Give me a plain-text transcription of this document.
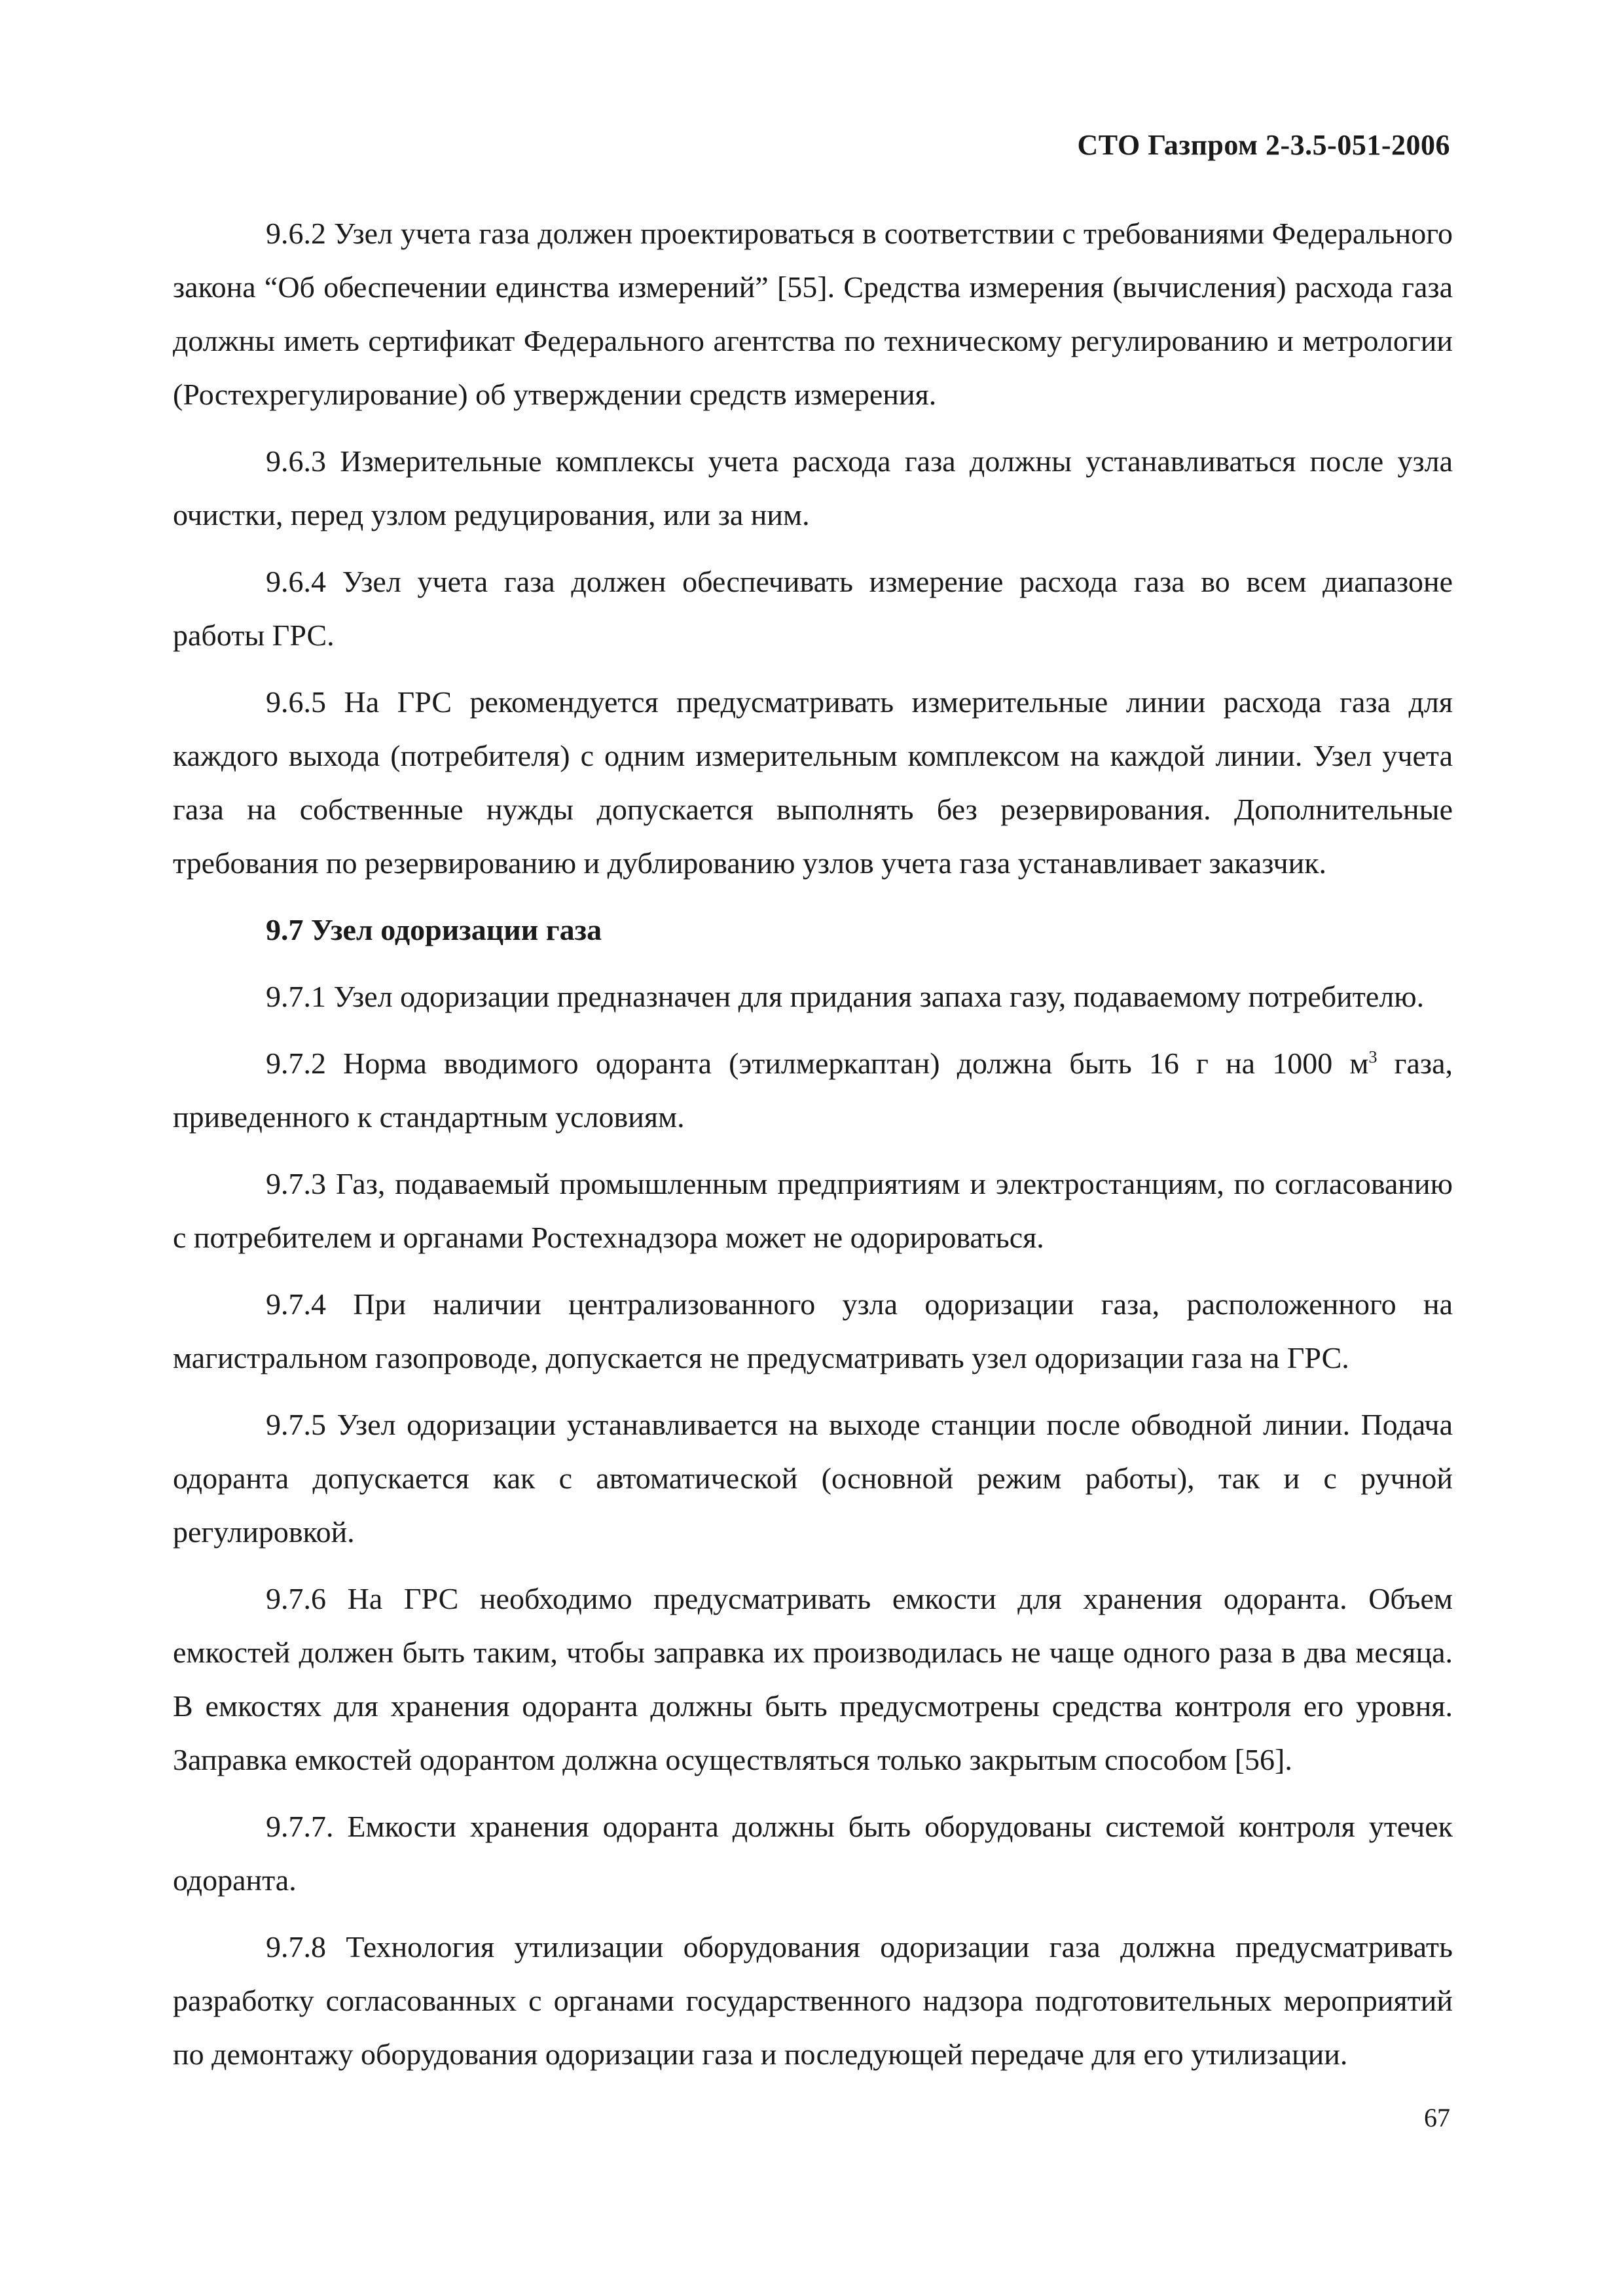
СТО Газпром 2-3.5-051-2006

9.6.2 Узел учета газа должен проектироваться в соответствии с требованиями Федерального закона “Об обеспечении единства измерений” [55]. Средства измерения (вычисления) расхода газа должны иметь сертификат Федерального агентства по техническому регулированию и метрологии (Ростехрегулирование) об утверждении средств измерения.

9.6.3 Измерительные комплексы учета расхода газа должны устанавливаться после узла очистки, перед узлом редуцирования, или за ним.

9.6.4 Узел учета газа должен обеспечивать измерение расхода газа во всем диапазоне работы ГРС.

9.6.5 На ГРС рекомендуется предусматривать измерительные линии расхода газа для каждого выхода (потребителя) с одним измерительным комплексом на каждой линии. Узел учета газа на собственные нужды допускается выполнять без резервирования. Дополнительные требования по резервированию и дублированию узлов учета газа устанавливает заказчик.

9.7 Узел одоризации газа

9.7.1 Узел одоризации предназначен для придания запаха газу, подаваемому потребителю.

9.7.2 Норма вводимого одоранта (этилмеркаптан) должна быть 16 г на 1000 $м^3$ газа, приведенного к стандартным условиям.

9.7.3 Газ, подаваемый промышленным предприятиям и электростанциям, по согласованию с потребителем и органами Ростехнадзора может не одорироваться.

9.7.4 При наличии централизованного узла одоризации газа, расположенного на магистральном газопроводе, допускается не предусматривать узел одоризации газа на ГРС.

9.7.5 Узел одоризации устанавливается на выходе станции после обводной линии. Подача одоранта допускается как с автоматической (основной режим работы), так и с ручной регулировкой.

9.7.6 На ГРС необходимо предусматривать емкости для хранения одоранта. Объем емкостей должен быть таким, чтобы заправка их производилась не чаще одного раза в два месяца. В емкостях для хранения одоранта должны быть предусмотрены средства контроля его уровня. Заправка емкостей одорантом должна осуществляться только закрытым способом [56].

9.7.7. Емкости хранения одоранта должны быть оборудованы системой контроля утечек одоранта.

9.7.8 Технология утилизации оборудования одоризации газа должна предусматривать разработку согласованных с органами государственного надзора подготовительных мероприятий по демонтажу оборудования одоризации газа и последующей передаче для его утилизации.

67
